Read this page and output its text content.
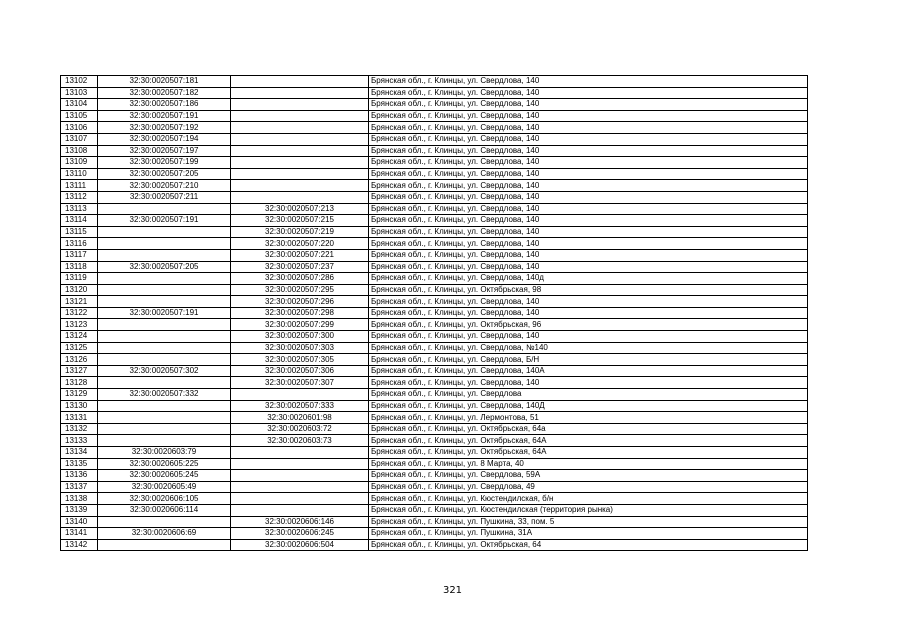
13102	32:30:0020507:181		Брянская обл., г. Клинцы, ул. Свердлова, 140
13103	32:30:0020507:182		Брянская обл., г. Клинцы, ул. Свердлова, 140
13104	32:30:0020507:186		Брянская обл., г. Клинцы, ул. Свердлова, 140
13105	32:30:0020507:191		Брянская обл., г. Клинцы, ул. Свердлова, 140
13106	32:30:0020507:192		Брянская обл., г. Клинцы, ул. Свердлова, 140
13107	32:30:0020507:194		Брянская обл., г. Клинцы, ул. Свердлова, 140
13108	32:30:0020507:197		Брянская обл., г. Клинцы, ул. Свердлова, 140
13109	32:30:0020507:199		Брянская обл., г. Клинцы, ул. Свердлова, 140
13110	32:30:0020507:205		Брянская обл., г. Клинцы, ул. Свердлова, 140
13111	32:30:0020507:210		Брянская обл., г. Клинцы, ул. Свердлова, 140
13112	32:30:0020507:211		Брянская обл., г. Клинцы, ул. Свердлова, 140
13113		32:30:0020507:213	Брянская обл., г. Клинцы, ул. Свердлова, 140
13114	32:30:0020507:191	32:30:0020507:215	Брянская обл., г. Клинцы, ул. Свердлова, 140
13115		32:30:0020507:219	Брянская обл., г. Клинцы, ул. Свердлова, 140
13116		32:30:0020507:220	Брянская обл., г. Клинцы, ул. Свердлова, 140
13117		32:30:0020507:221	Брянская обл., г. Клинцы, ул. Свердлова, 140
13118	32:30:0020507:205	32:30:0020507:237	Брянская обл., г. Клинцы, ул. Свердлова, 140
13119		32:30:0020507:286	Брянская обл., г. Клинцы, ул. Свердлова, 140д
13120		32:30:0020507:295	Брянская обл., г. Клинцы, ул. Октябрьская, 98
13121		32:30:0020507:296	Брянская обл., г. Клинцы, ул. Свердлова, 140
13122	32:30:0020507:191	32:30:0020507:298	Брянская обл., г. Клинцы, ул. Свердлова, 140
13123		32:30:0020507:299	Брянская обл., г. Клинцы, ул. Октябрьская, 96
13124		32:30:0020507:300	Брянская обл., г. Клинцы, ул. Свердлова, 140
13125		32:30:0020507:303	Брянская обл., г. Клинцы, ул. Свердлова, №140
13126		32:30:0020507:305	Брянская обл., г. Клинцы, ул. Свердлова, Б/Н
13127	32:30:0020507:302	32:30:0020507:306	Брянская обл., г. Клинцы, ул. Свердлова, 140А
13128		32:30:0020507:307	Брянская обл., г. Клинцы, ул. Свердлова, 140
13129	32:30:0020507:332		Брянская обл., г. Клинцы, ул. Свердлова
13130		32:30:0020507:333	Брянская обл., г. Клинцы, ул. Свердлова, 140Д
13131		32:30:0020601:98	Брянская обл., г. Клинцы, ул. Лермонтова, 51
13132		32:30:0020603:72	Брянская обл., г. Клинцы, ул. Октябрьская, 64а
13133		32:30:0020603:73	Брянская обл., г. Клинцы, ул. Октябрьская, 64А
13134	32:30:0020603:79		Брянская обл., г. Клинцы, ул. Октябрьская, 64А
13135	32:30:0020605:225		Брянская обл., г. Клинцы, ул. 8 Марта, 40
13136	32:30:0020605:245		Брянская обл., г. Клинцы, ул. Свердлова, 59А
13137	32:30:0020605:49		Брянская обл., г. Клинцы, ул. Свердлова, 49
13138	32:30:0020606:105		Брянская обл., г. Клинцы, ул. Кюстендилская, б/н
13139	32:30:0020606:114		Брянская обл., г. Клинцы, ул. Кюстендилская (территория рынка)
13140		32:30:0020606:146	Брянская обл., г. Клинцы, ул. Пушкина, 33, пом. 5
13141	32:30:0020606:69	32:30:0020606:245	Брянская обл., г. Клинцы, ул. Пушкина, 31А
13142		32:30:0020606:504	Брянская обл., г. Клинцы, ул. Октябрьская, 64
321
